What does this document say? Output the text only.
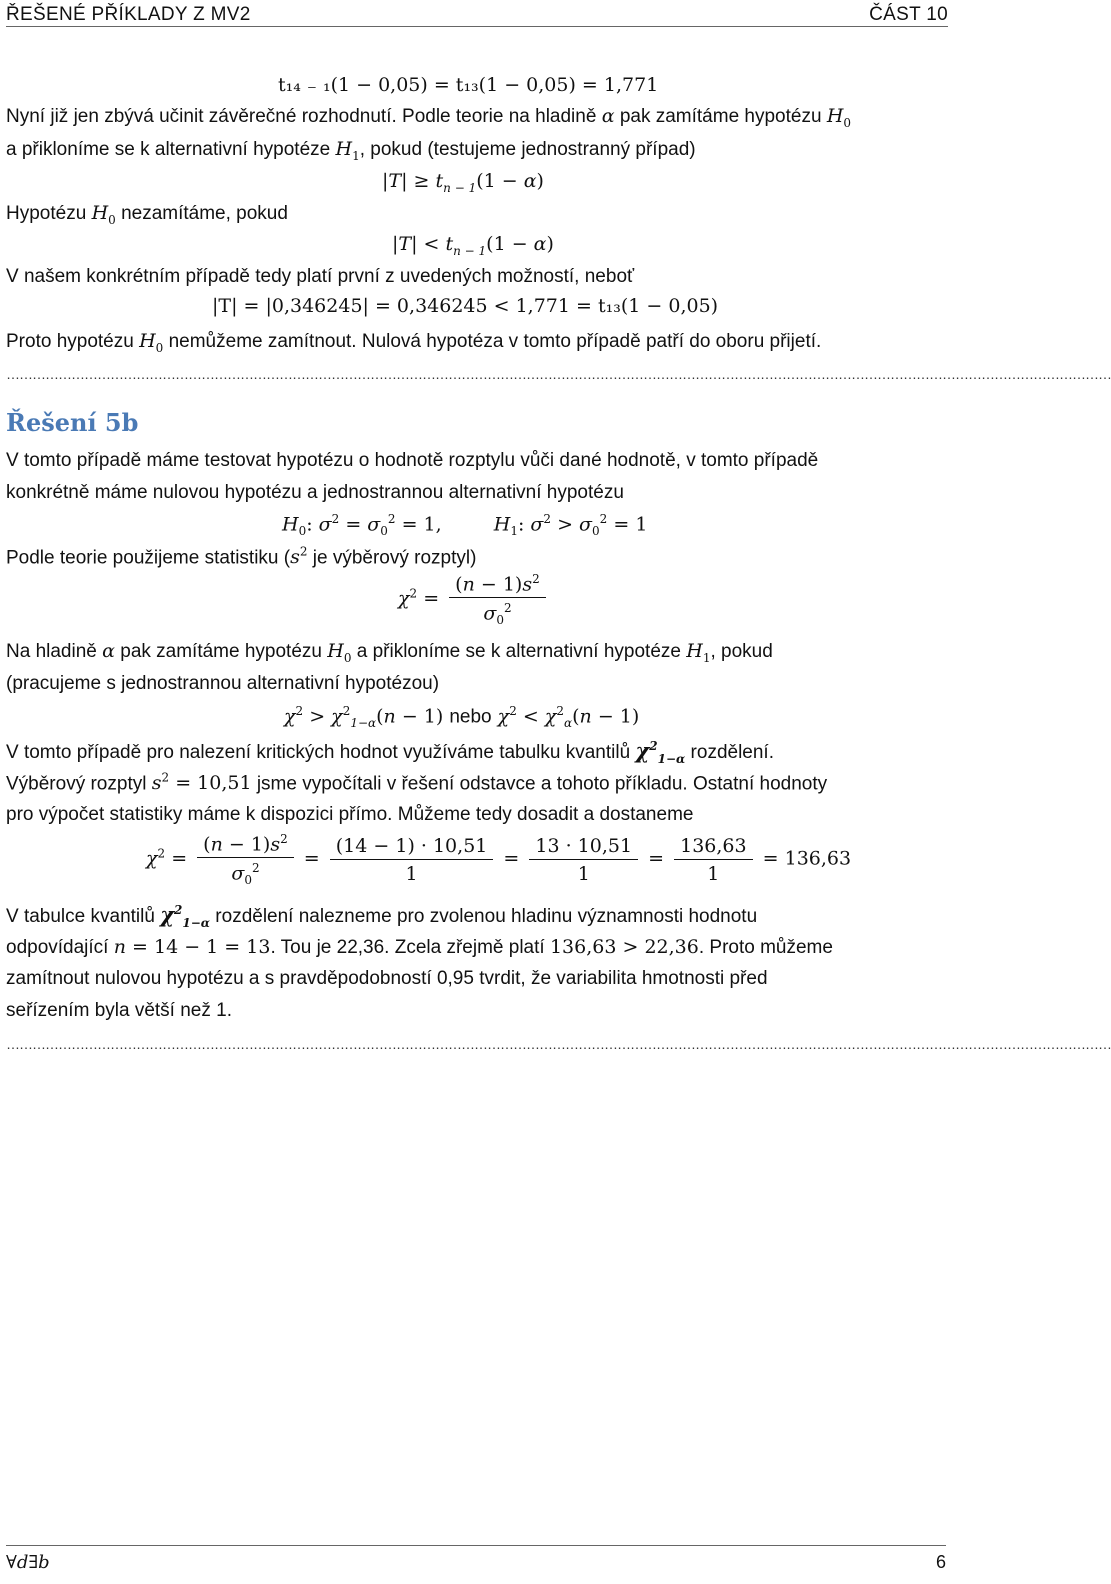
ŘEŠENÉ PŘÍKLADY Z MV2	ČÁST 10
t₁₄ ₋ ₁(1 − 0,05) = t₁₃(1 − 0,05) = 1,771
Nyní již jen zbývá učinit závěrečné rozhodnutí. Podle teorie na hladině α pak zamítáme hypotézu $H_0$
a přikloníme se k alternativní hypotéze $H_1$, pokud (testujeme jednostranný případ)
$|T| \ge t_{n - 1}(1 - \alpha)$
Hypotézu $H_0$ nezamítáme, pokud
$|T| < t_{n - 1}(1 - \alpha)$
V našem konkrétním případě tedy platí první z uvedených možností, neboť
|T| = |0,346245| = 0,346245 < 1,771 = t₁₃(1 − 0,05)
Proto hypotézu $H_0$ nemůžeme zamítnout. Nulová hypotéza v tomto případě patří do oboru přijetí.
…………………………………………………………………………………………………………………………………………………………………………………………………………………………………
Řešení 5b
V tomto případě máme testovat hypotézu o hodnotě rozptylu vůči dané hodnotě, v tomto případě
konkrétně máme nulovou hypotézu a jednostrannou alternativní hypotézu
$H_0$: $\sigma^2 = \sigma_0^2 = 1$,  $H_1$: $\sigma^2 > \sigma_0^2 = 1$
Podle teorie použijeme statistiku ($s^2$ je výběrový rozptyl)
$\chi^2 = \frac{(n - 1)s^2}{\sigma_0^2}$
Na hladině α pak zamítáme hypotézu $H_0$ a přikloníme se k alternativní hypotéze $H_1$, pokud
(pracujeme s jednostrannou alternativní hypotézou)
$\chi^2 > \chi^2_{1-\alpha}(n - 1)$ nebo $\chi^2 < \chi^2_\alpha(n - 1)$
V tomto případě pro nalezení kritických hodnot využíváme tabulku kvantilů $\chi^2_{1-\alpha}$ rozdělení.
Výběrový rozptyl $s^2 = 10,51$ jsme vypočítali v řešení odstavce a tohoto příkladu. Ostatní hodnoty
pro výpočet statistiky máme k dispozici přímo. Můžeme tedy dosadit a dostaneme
$\chi^2 = \frac{(n - 1)s^2}{\sigma_0^2} = \frac{(14 - 1) \cdot 10,51}{1} = \frac{13 \cdot 10,51}{1} = \frac{136,63}{1} = 136,63$
V tabulce kvantilů $\chi^2_{1-\alpha}$ rozdělení nalezneme pro zvolenou hladinu významnosti hodnotu
odpovídající n = 14 − 1 = 13. Tou je 22,36. Zcela zřejmě platí 136,63 > 22,36. Proto můžeme
zamítnout nulovou hypotézu a s pravděpodobností 0,95 tvrdit, že variabilita hmotnosti před
seřízením byla větší než 1.
…………………………………………………………………………………………………………………………………………………………………………………………………………………………………
∀d∃b	6
